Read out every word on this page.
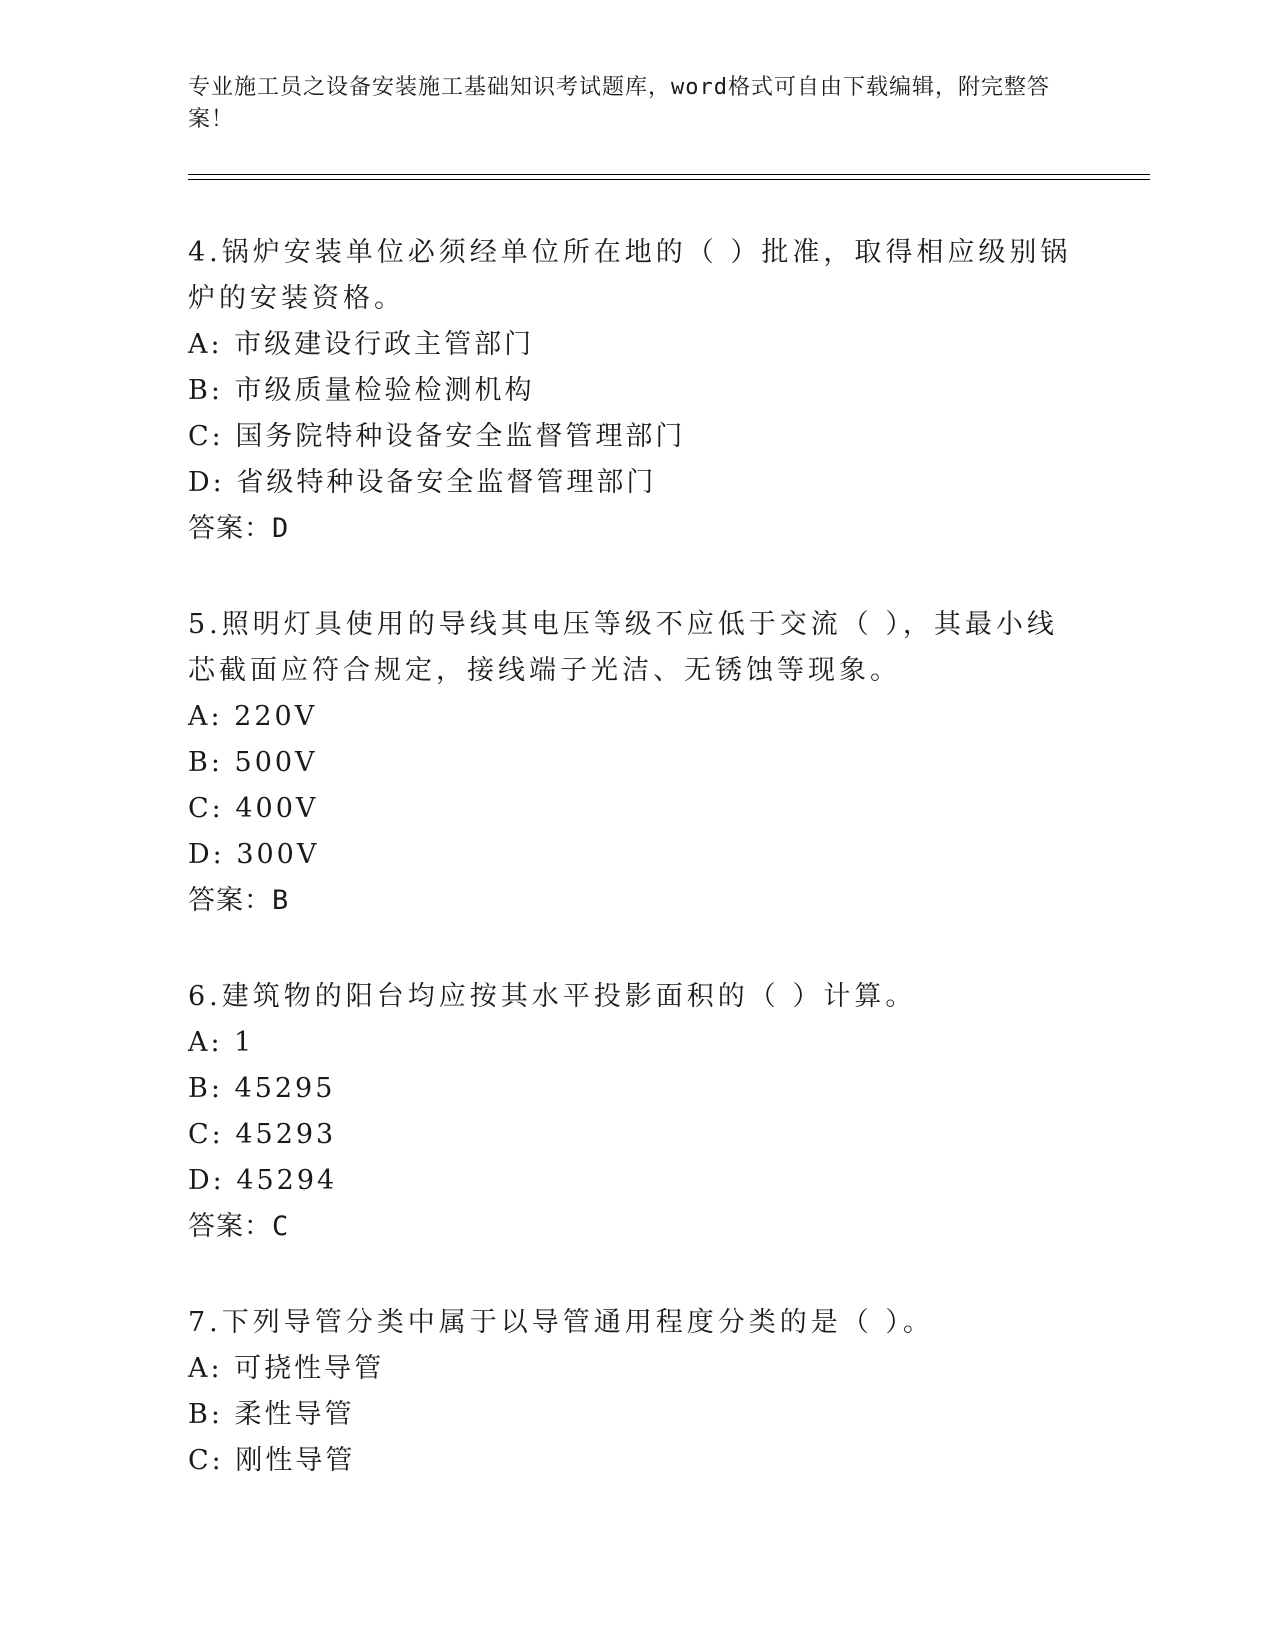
专业施工员之设备安装施工基础知识考试题库，word格式可自由下载编辑，附完整答案！

4.锅炉安装单位必须经单位所在地的（ ）批准，取得相应级别锅炉的安装资格。

A: 市级建设行政主管部门

B: 市级质量检验检测机构

C: 国务院特种设备安全监督管理部门

D: 省级特种设备安全监督管理部门

答案：D

5.照明灯具使用的导线其电压等级不应低于交流（ ），其最小线芯截面应符合规定，接线端子光洁、无锈蚀等现象。

A: 220V

B: 500V

C: 400V

D: 300V

答案：B

6.建筑物的阳台均应按其水平投影面积的（ ）计算。

A: 1

B: 45295

C: 45293

D: 45294

答案：C

7.下列导管分类中属于以导管通用程度分类的是（ ）。

A: 可挠性导管

B: 柔性导管

C: 刚性导管
